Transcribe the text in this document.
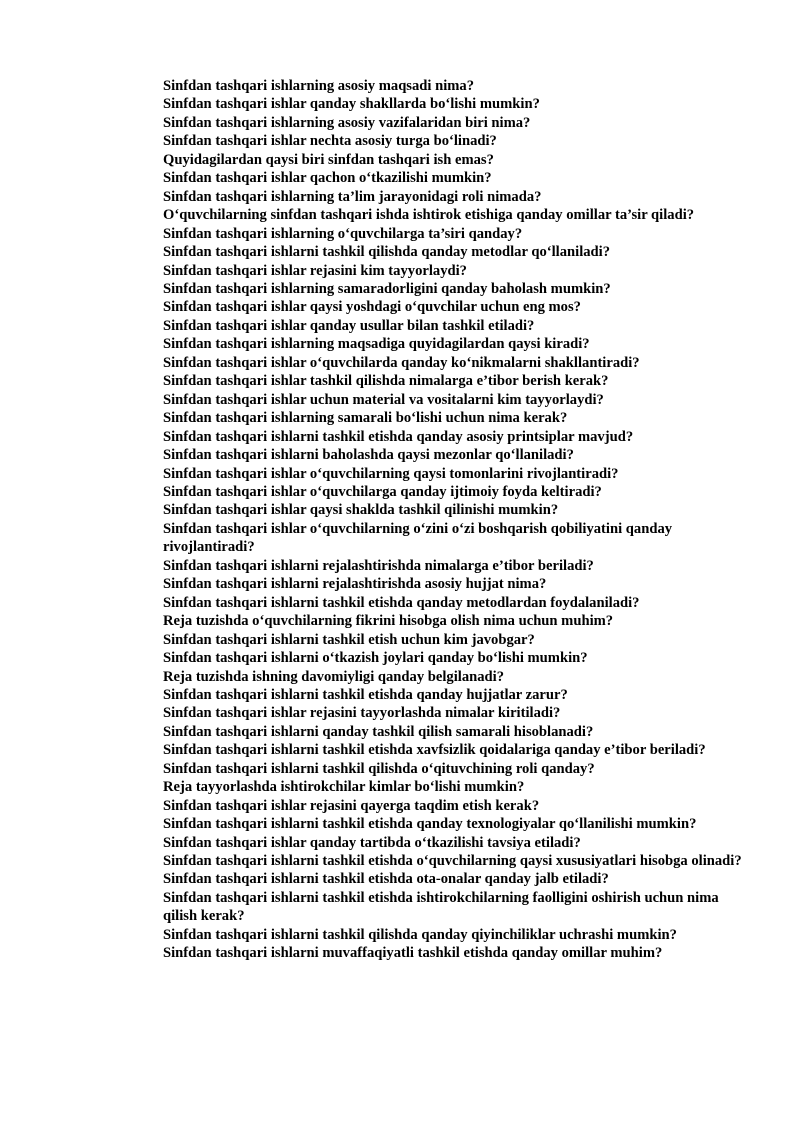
Sinfdan tashqari ishlarning asosiy maqsadi nima?
Sinfdan tashqari ishlar qanday shakllarda bo‘lishi mumkin?
Sinfdan tashqari ishlarning asosiy vazifalaridan biri nima?
Sinfdan tashqari ishlar nechta asosiy turga bo‘linadi?
Quyidagilardan qaysi biri sinfdan tashqari ish emas?
Sinfdan tashqari ishlar qachon o‘tkazilishi mumkin?
Sinfdan tashqari ishlarning ta’lim jarayonidagi roli nimada?
O‘quvchilarning sinfdan tashqari ishda ishtirok etishiga qanday omillar ta’sir qiladi?
Sinfdan tashqari ishlarning o‘quvchilarga ta’siri qanday?
Sinfdan tashqari ishlarni tashkil qilishda qanday metodlar qo‘llaniladi?
Sinfdan tashqari ishlar rejasini kim tayyorlaydi?
Sinfdan tashqari ishlarning samaradorligini qanday baholash mumkin?
Sinfdan tashqari ishlar qaysi yoshdagi o‘quvchilar uchun eng mos?
Sinfdan tashqari ishlar qanday usullar bilan tashkil etiladi?
Sinfdan tashqari ishlarning maqsadiga quyidagilardan qaysi kiradi?
Sinfdan tashqari ishlar o‘quvchilarda qanday ko‘nikmalarni shakllantiradi?
Sinfdan tashqari ishlar tashkil qilishda nimalarga e’tibor berish kerak?
Sinfdan tashqari ishlar uchun material va vositalarni kim tayyorlaydi?
Sinfdan tashqari ishlarning samarali bo‘lishi uchun nima kerak?
Sinfdan tashqari ishlarni tashkil etishda qanday asosiy printsiplar mavjud?
Sinfdan tashqari ishlarni baholashda qaysi mezonlar qo‘llaniladi?
Sinfdan tashqari ishlar o‘quvchilarning qaysi tomonlarini rivojlantiradi?
Sinfdan tashqari ishlar o‘quvchilarga qanday ijtimoiy foyda keltiradi?
Sinfdan tashqari ishlar qaysi shaklda tashkil qilinishi mumkin?
Sinfdan tashqari ishlar o‘quvchilarning o‘zini o‘zi boshqarish qobiliyatini qanday rivojlantiradi?
Sinfdan tashqari ishlarni rejalashtirishda nimalarga e’tibor beriladi?
Sinfdan tashqari ishlarni rejalashtirishda asosiy hujjat nima?
Sinfdan tashqari ishlarni tashkil etishda qanday metodlardan foydalaniladi?
Reja tuzishda o‘quvchilarning fikrini hisobga olish nima uchun muhim?
Sinfdan tashqari ishlarni tashkil etish uchun kim javobgar?
Sinfdan tashqari ishlarni o‘tkazish joylari qanday bo‘lishi mumkin?
Reja tuzishda ishning davomiyligi qanday belgilanadi?
Sinfdan tashqari ishlarni tashkil etishda qanday hujjatlar zarur?
Sinfdan tashqari ishlar rejasini tayyorlashda nimalar kiritiladi?
Sinfdan tashqari ishlarni qanday tashkil qilish samarali hisoblanadi?
Sinfdan tashqari ishlarni tashkil etishda xavfsizlik qoidalariga qanday e’tibor beriladi?
Sinfdan tashqari ishlarni tashkil qilishda o‘qituvchining roli qanday?
Reja tayyorlashda ishtirokchilar kimlar bo‘lishi mumkin?
Sinfdan tashqari ishlar rejasini qayerga taqdim etish kerak?
Sinfdan tashqari ishlarni tashkil etishda qanday texnologiyalar qo‘llanilishi mumkin?
Sinfdan tashqari ishlar qanday tartibda o‘tkazilishi tavsiya etiladi?
Sinfdan tashqari ishlarni tashkil etishda o‘quvchilarning qaysi xususiyatlari hisobga olinadi?
Sinfdan tashqari ishlarni tashkil etishda ota-onalar qanday jalb etiladi?
Sinfdan tashqari ishlarni tashkil etishda ishtirokchilarning faolligini oshirish uchun nima qilish kerak?
Sinfdan tashqari ishlarni tashkil qilishda qanday qiyinchiliklar uchrashi mumkin?
Sinfdan tashqari ishlarni muvaffaqiyatli tashkil etishda qanday omillar muhim?
